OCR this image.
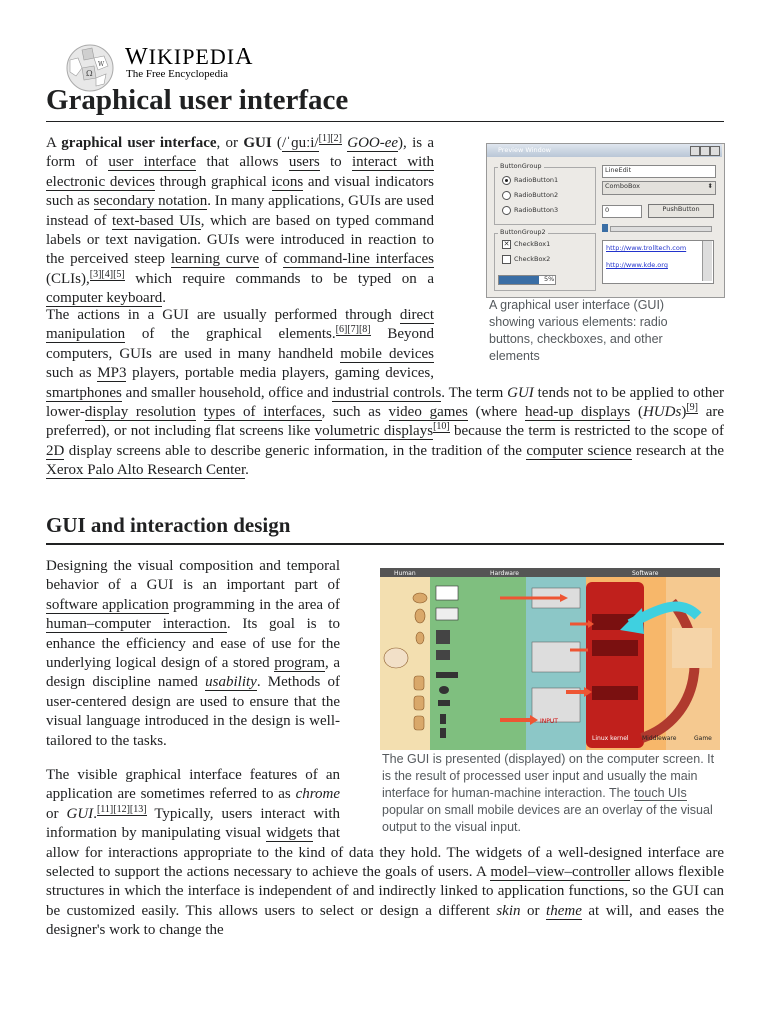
Ω
W WIKIPEDIA
The Free Encyclopedia
Graphical user interface

A graphical user interface, or GUI (/ˈɡuːi/[1][2] GOO-ee), is a form of user interface that allows users to interact with electronic devices through graphical icons and visual indicators such as secondary notation. In many applications, GUIs are used instead of text-based UIs, which are based on typed command labels or text navigation. GUIs were introduced in reaction to the perceived steep learning curve of command-line interfaces (CLIs),[3][4][5] which require commands to be typed on a computer keyboard.

The actions in a GUI are usually performed through direct manipulation of the graphical elements.[6][7][8] Beyond computers, GUIs are used in many handheld mobile devices such as MP3 players, portable media players, gaming devices, smartphones and smaller household, office and industrial controls. The term GUI tends not to be applied to other lower-display resolution types of interfaces, such as video games (where head-up displays (HUDs)[9] are preferred), or not including flat screens like volumetric displays[10] because the term is restricted to the scope of 2D display screens able to describe generic information, in the tradition of the computer science research at the Xerox Palo Alto Research Center.

Preview Window
ButtonGroup
RadioButton1
RadioButton2
RadioButton3
ButtonGroup2
✕ CheckBox1
CheckBox2
5%
LineEdit
ComboBox	⬍
0	PushButton
http://www.trolltech.com
http://www.kde.org
A graphical user interface (GUI) showing various elements: radio buttons, checkboxes, and other elements
GUI and interaction design

Designing the visual composition and temporal behavior of a GUI is an important part of software application programming in the area of human–computer interaction. Its goal is to enhance the efficiency and ease of use for the underlying logical design of a stored program, a design discipline named usability. Methods of user-centered design are used to ensure that the visual language introduced in the design is well-tailored to the tasks.

Human	Hardware	Software
INPUT
Linux kernel Middleware	Game
The GUI is presented (displayed) on the computer screen. It is the result of processed user input and usually the main interface for human-machine interaction. The touch UIs popular on small mobile devices are an overlay of the visual output to the visual input.

The visible graphical interface features of an application are sometimes referred to as chrome or GUI.[11][12][13] Typically, users interact with information by manipulating visual widgets that allow for interactions appropriate to the kind of data they hold. The widgets of a well-designed interface are selected to support the actions necessary to achieve the goals of users. A model–view–controller allows flexible structures in which the interface is independent of and indirectly linked to application functions, so the GUI can be customized easily. This allows users to select or design a different skin or theme at will, and eases the designer's work to change the
